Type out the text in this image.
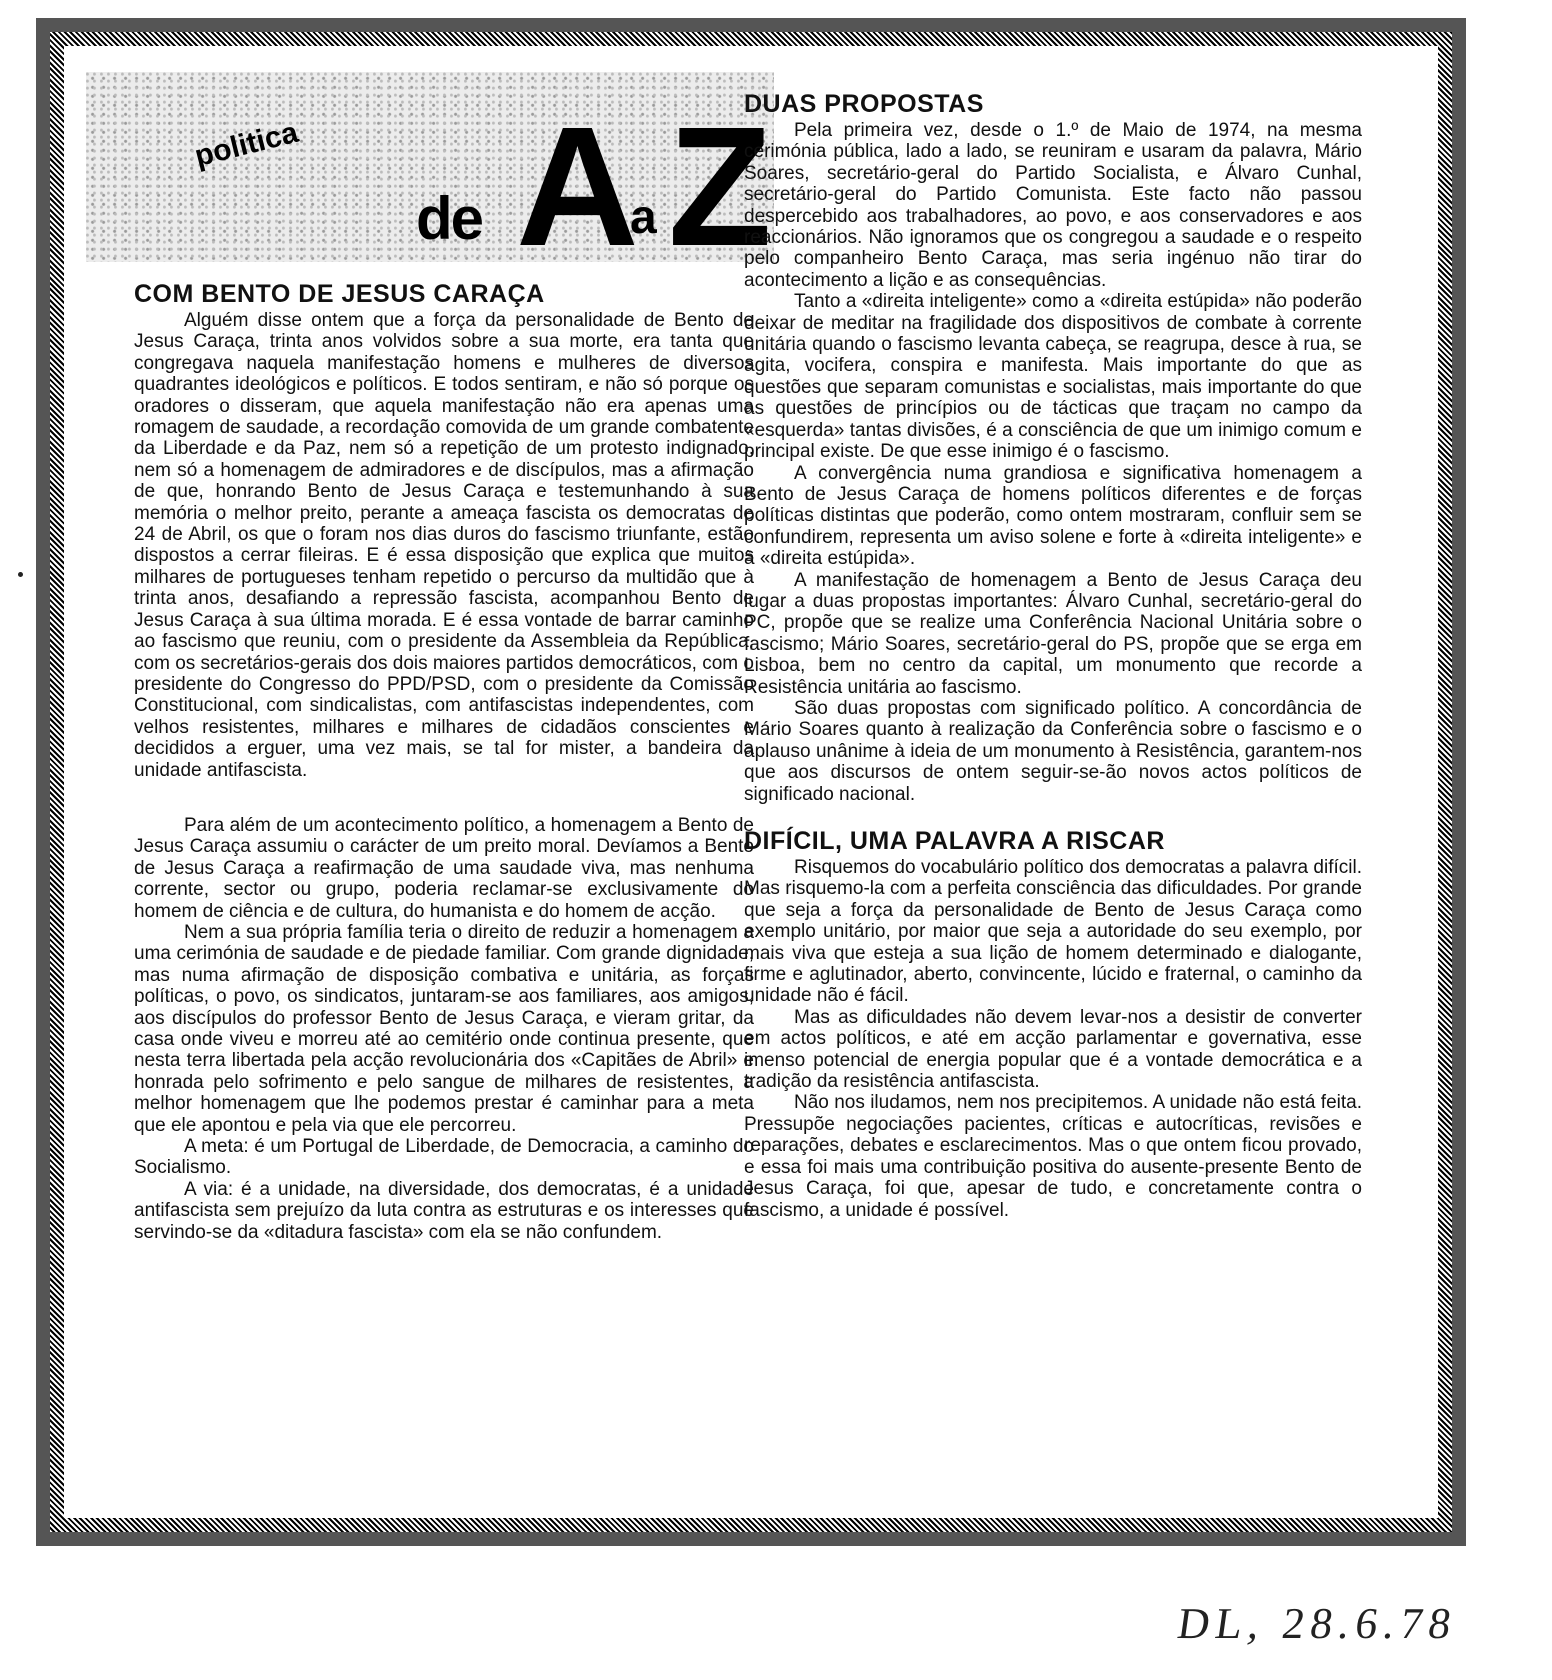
politica
de A
a Z
COM BENTO DE JESUS CARAÇA

Alguém disse ontem que a força da personalidade de Bento de Jesus Caraça, trinta anos volvidos sobre a sua morte, era tanta que congregava naquela manifestação homens e mulheres de diversos quadrantes ideológicos e políticos. E todos sentiram, e não só porque os oradores o disseram, que aquela manifestação não era apenas uma romagem de saudade, a recordação comovida de um grande combatente da Liberdade e da Paz, nem só a repetição de um protesto indignado, nem só a homenagem de admiradores e de discípulos, mas a afirmação de que, honrando Bento de Jesus Caraça e testemunhando à sua memória o melhor preito, perante a ameaça fascista os democratas de 24 de Abril, os que o foram nos dias duros do fascismo triunfante, estão dispostos a cerrar fileiras. E é essa disposição que explica que muitos milhares de portugueses tenham repetido o percurso da multidão que à trinta anos, desafiando a repressão fascista, acompanhou Bento de Jesus Caraça à sua última morada. E é essa vontade de barrar caminho ao fascismo que reuniu, com o presidente da Assembleia da República, com os secretários-gerais dos dois maiores partidos democráticos, com o presidente do Congresso do PPD/PSD, com o presidente da Comissão Constitucional, com sindicalistas, com antifascistas independentes, com velhos resistentes, milhares e milhares de cidadãos conscientes e decididos a erguer, uma vez mais, se tal for mister, a bandeira da unidade antifascista.

Para além de um acontecimento político, a homenagem a Bento de Jesus Caraça assumiu o carácter de um preito moral. Devíamos a Bento de Jesus Caraça a reafirmação de uma saudade viva, mas nenhuma corrente, sector ou grupo, poderia reclamar-se exclusivamente do homem de ciência e de cultura, do humanista e do homem de acção.

Nem a sua própria família teria o direito de reduzir a homenagem a uma cerimónia de saudade e de piedade familiar. Com grande dignidade, mas numa afirmação de disposição combativa e unitária, as forças políticas, o povo, os sindicatos, juntaram-se aos familiares, aos amigos, aos discípulos do professor Bento de Jesus Caraça, e vieram gritar, da casa onde viveu e morreu até ao cemitério onde continua presente, que nesta terra libertada pela acção revolucionária dos «Capitães de Abril» e honrada pelo sofrimento e pelo sangue de milhares de resistentes, a melhor homenagem que lhe podemos prestar é caminhar para a meta que ele apontou e pela via que ele percorreu.

A meta: é um Portugal de Liberdade, de Democracia, a caminho do Socialismo.

A via: é a unidade, na diversidade, dos democratas, é a unidade antifascista sem prejuízo da luta contra as estruturas e os interesses que servindo-se da «ditadura fascista» com ela se não confundem.

DUAS PROPOSTAS

Pela primeira vez, desde o 1.º de Maio de 1974, na mesma cerimónia pública, lado a lado, se reuniram e usaram da palavra, Mário Soares, secretário-geral do Partido Socialista, e Álvaro Cunhal, secretário-geral do Partido Comunista. Este facto não passou despercebido aos trabalhadores, ao povo, e aos conservadores e aos reaccionários. Não ignoramos que os congregou a saudade e o respeito pelo companheiro Bento Caraça, mas seria ingénuo não tirar do acontecimento a lição e as consequências.

Tanto a «direita inteligente» como a «direita estúpida» não poderão deixar de meditar na fragilidade dos dispositivos de combate à corrente unitária quando o fascismo levanta cabeça, se reagrupa, desce à rua, se agita, vocifera, conspira e manifesta. Mais importante do que as questões que separam comunistas e socialistas, mais importante do que as questões de princípios ou de tácticas que traçam no campo da «esquerda» tantas divisões, é a consciência de que um inimigo comum e principal existe. De que esse inimigo é o fascismo.

A convergência numa grandiosa e significativa homenagem a Bento de Jesus Caraça de homens políticos diferentes e de forças políticas distintas que poderão, como ontem mostraram, confluir sem se confundirem, representa um aviso solene e forte à «direita inteligente» e à «direita estúpida».

A manifestação de homenagem a Bento de Jesus Caraça deu lugar a duas propostas importantes: Álvaro Cunhal, secretário-geral do PC, propõe que se realize uma Conferência Nacional Unitária sobre o fascismo; Mário Soares, secretário-geral do PS, propõe que se erga em Lisboa, bem no centro da capital, um monumento que recorde a Resistência unitária ao fascismo.

São duas propostas com significado político. A concordância de Mário Soares quanto à realização da Conferência sobre o fascismo e o aplauso unânime à ideia de um monumento à Resistência, garantem-nos que aos discursos de ontem seguir-se-ão novos actos políticos de significado nacional.

DIFÍCIL, UMA PALAVRA A RISCAR

Risquemos do vocabulário político dos democratas a palavra difícil. Mas risquemo-la com a perfeita consciência das dificuldades. Por grande que seja a força da personalidade de Bento de Jesus Caraça como exemplo unitário, por maior que seja a autoridade do seu exemplo, por mais viva que esteja a sua lição de homem determinado e dialogante, firme e aglutinador, aberto, convincente, lúcido e fraternal, o caminho da unidade não é fácil.

Mas as dificuldades não devem levar-nos a desistir de converter em actos políticos, e até em acção parlamentar e governativa, esse imenso potencial de energia popular que é a vontade democrática e a tradição da resistência antifascista.

Não nos iludamos, nem nos precipitemos. A unidade não está feita. Pressupõe negociações pacientes, críticas e autocríticas, revisões e reparações, debates e esclarecimentos. Mas o que ontem ficou provado, e essa foi mais uma contribuição positiva do ausente-presente Bento de Jesus Caraça, foi que, apesar de tudo, e concretamente contra o fascismo, a unidade é possível.

DL, 28.6.78
